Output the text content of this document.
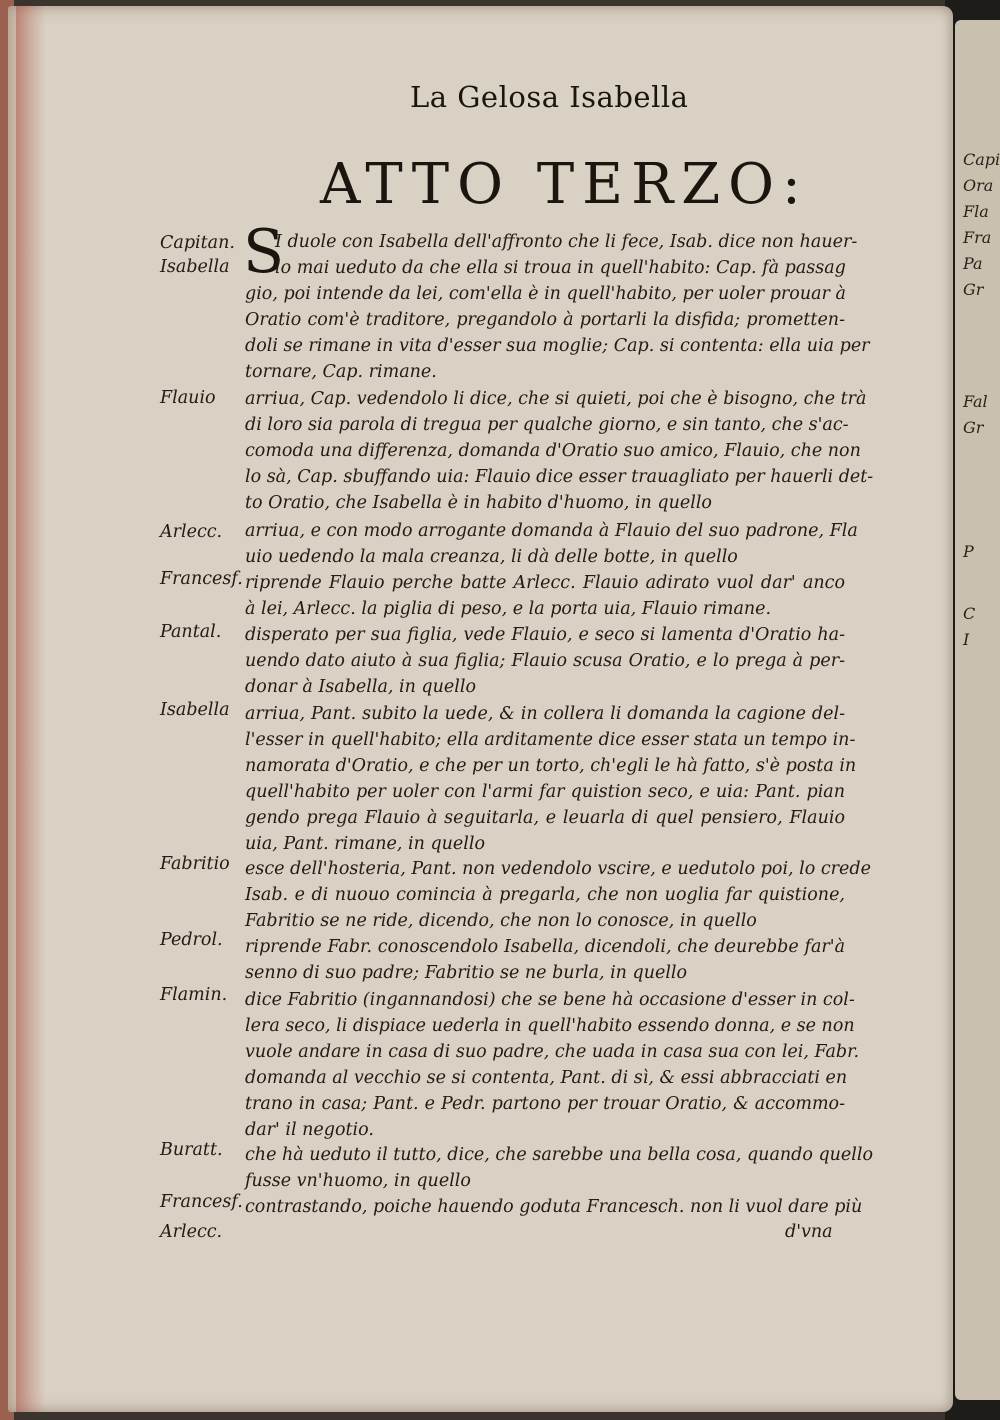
Capi
Ora
Fla
Fra
Pa
Gr
Fal
Gr
P
C
I
La Gelosa Isabella
ATTO TERZO:
S
Capitan.
Isabella
Flauio
Arlecc.
Francesf.
Pantal.
Isabella
Fabritio
Pedrol.
Flamin.
Buratt.
Francesf.
Arlecc.
I duole con Isabella dell'affronto che li fece, Isab. dice non hauer-
lo mai ueduto da che ella si troua in quell'habito: Cap. fà passag
gio, poi intende da lei, com'ella è in quell'habito, per uoler prouar à
Oratio com'è traditore, pregandolo à portarli la disfida; prometten-
doli se rimane in vita d'esser sua moglie; Cap. si contenta: ella uia per
tornare, Cap. rimane.
arriua, Cap. vedendolo li dice, che si quieti, poi che è bisogno, che trà
di loro sia parola di tregua per qualche giorno, e sin tanto, che s'ac-
comoda una differenza, domanda d'Oratio suo amico, Flauio, che non
lo sà, Cap. sbuffando uia: Flauio dice esser trauagliato per hauerli det-
to Oratio, che Isabella è in habito d'huomo, in quello
arriua, e con modo arrogante domanda à Flauio del suo padrone, Fla
uio uedendo la mala creanza, li dà delle botte, in quello
riprende Flauio perche batte Arlecc. Flauio adirato vuol dar' anco
à lei, Arlecc. la piglia di peso, e la porta uia, Flauio rimane.
disperato per sua figlia, vede Flauio, e seco si lamenta d'Oratio ha-
uendo dato aiuto à sua figlia; Flauio scusa Oratio, e lo prega à per-
donar à Isabella, in quello
arriua, Pant. subito la uede, & in collera li domanda la cagione del-
l'esser in quell'habito; ella arditamente dice esser stata un tempo in-
namorata d'Oratio, e che per un torto, ch'egli le hà fatto, s'è posta in
quell'habito per uoler con l'armi far quistion seco, e uia: Pant. pian
gendo prega Flauio à seguitarla, e leuarla di quel pensiero, Flauio
uia, Pant. rimane, in quello
esce dell'hosteria, Pant. non vedendolo vscire, e uedutolo poi, lo crede
Isab. e di nuouo comincia à pregarla, che non uoglia far quistione,
Fabritio se ne ride, dicendo, che non lo conosce, in quello
riprende Fabr. conoscendolo Isabella, dicendoli, che deurebbe far'à
senno di suo padre; Fabritio se ne burla, in quello
dice Fabritio (ingannandosi) che se bene hà occasione d'esser in col-
lera seco, li dispiace uederla in quell'habito essendo donna, e se non
vuole andare in casa di suo padre, che uada in casa sua con lei, Fabr.
domanda al vecchio se si contenta, Pant. di sì, & essi abbracciati en
trano in casa; Pant. e Pedr. partono per trouar Oratio, & accommo-
dar' il negotio.
che hà ueduto il tutto, dice, che sarebbe una bella cosa, quando quello
fusse vn'huomo, in quello
contrastando, poiche hauendo goduta Francesch. non li vuol dare più
d'vna
